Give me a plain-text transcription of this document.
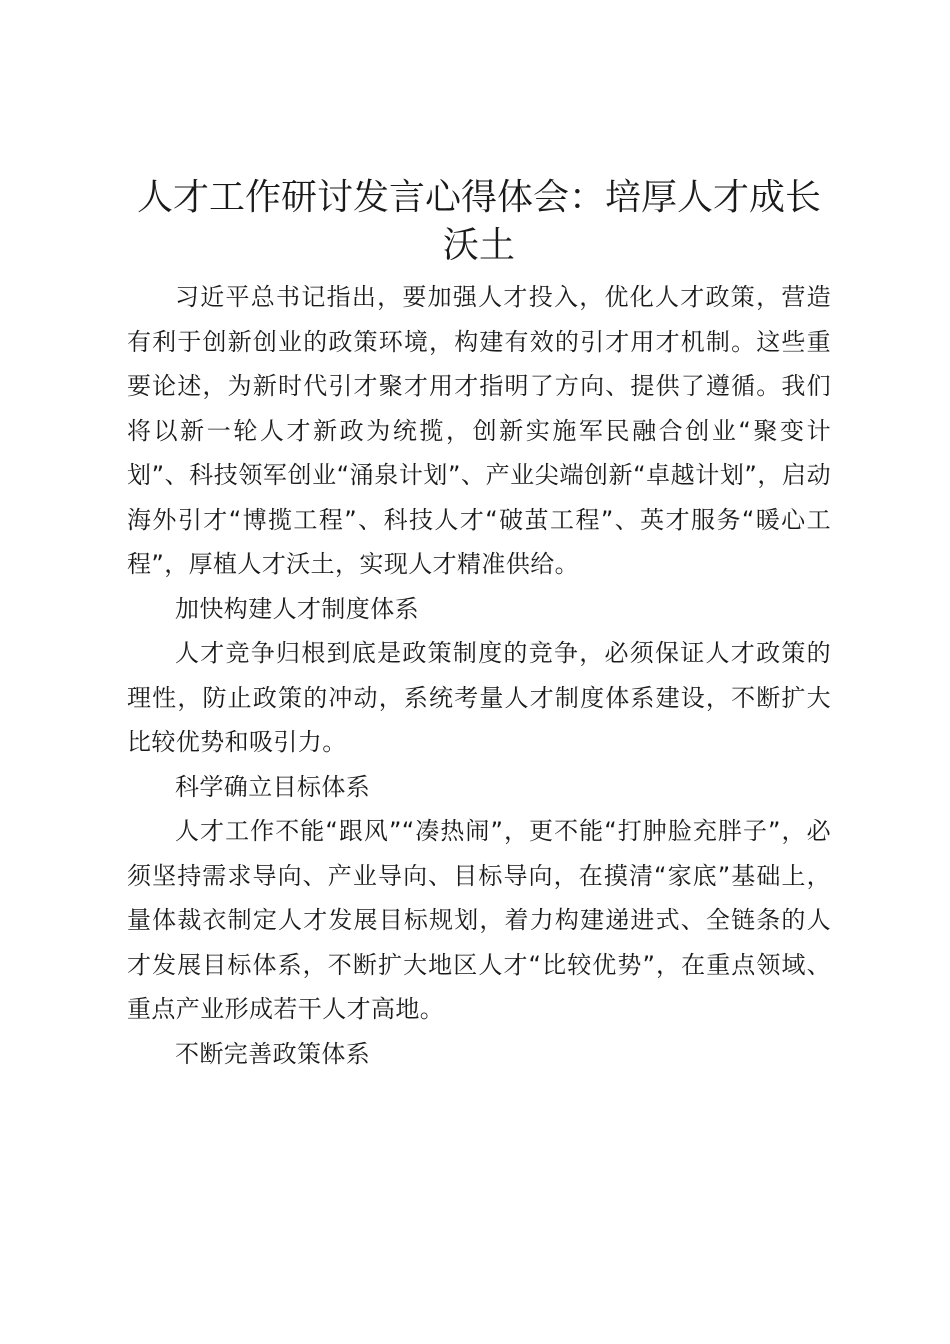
人才工作研讨发言心得体会：培厚人才成长沃土

习近平总书记指出，要加强人才投入，优化人才政策，营造有利于创新创业的政策环境，构建有效的引才用才机制。这些重要论述，为新时代引才聚才用才指明了方向、提供了遵循。我们将以新一轮人才新政为统揽，创新实施军民融合创业“聚变计划”、科技领军创业“涌泉计划”、产业尖端创新“卓越计划”，启动海外引才“博揽工程”、科技人才“破茧工程”、英才服务“暖心工程”，厚植人才沃土，实现人才精准供给。

加快构建人才制度体系

人才竞争归根到底是政策制度的竞争，必须保证人才政策的理性，防止政策的冲动，系统考量人才制度体系建设，不断扩大比较优势和吸引力。

科学确立目标体系

人才工作不能“跟风”“凑热闹”，更不能“打肿脸充胖子”，必须坚持需求导向、产业导向、目标导向，在摸清“家底”基础上，量体裁衣制定人才发展目标规划，着力构建递进式、全链条的人才发展目标体系，不断扩大地区人才“比较优势”，在重点领域、重点产业形成若干人才高地。

不断完善政策体系
